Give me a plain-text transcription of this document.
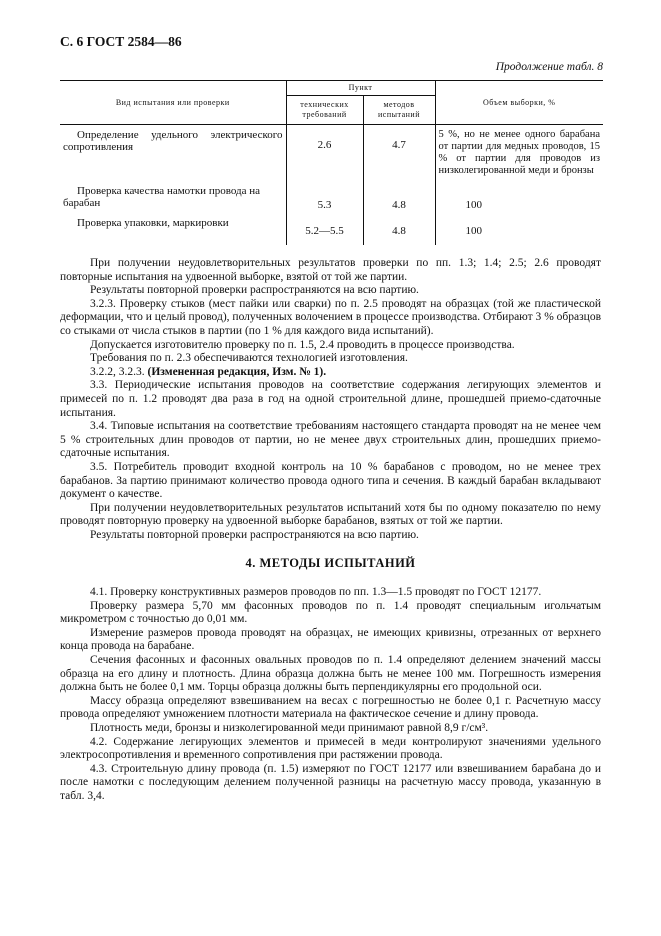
С. 6 ГОСТ 2584—86
Продолжение табл. 8
Вид испытания или проверки	Пункт		Объем выборки, %
	технических требований	методов испытаний	
Определение удельного электрического сопротивления	2.6	4.7	5 %, но не менее одного барабана от партии для медных проводов, 15 % от партии для проводов из низколегированной меди и бронзы
Проверка качества намотки провода на барабан	5.3	4.8	100
Проверка упаковки, маркировки	5.2—5.5	4.8	100

При получении неудовлетворительных результатов проверки по пп. 1.3; 1.4; 2.5; 2.6 проводят повторные испытания на удвоенной выборке, взятой от той же партии.

Результаты повторной проверки распространяются на всю партию.

3.2.3. Проверку стыков (мест пайки или сварки) по п. 2.5 проводят на образцах (той же пластической деформации, что и целый провод), полученных волочением в процессе производства. Отбирают 3 % образцов со стыками от числа стыков в партии (по 1 % для каждого вида испытаний).

Допускается изготовителю проверку по п. 1.5, 2.4 проводить в процессе производства.

Требования по п. 2.3 обеспечиваются технологией изготовления.

3.2.2, 3.2.3. (Измененная редакция, Изм. № 1).

3.3. Периодические испытания проводов на соответствие содержания легирующих элементов и примесей по п. 1.2 проводят два раза в год на одной строительной длине, прошедшей приемо-сдаточные испытания.

3.4. Типовые испытания на соответствие требованиям настоящего стандарта проводят на не менее чем 5 % строительных длин проводов от партии, но не менее двух строительных длин, прошедших приемо-сдаточные испытания.

3.5. Потребитель проводит входной контроль на 10 % барабанов с проводом, но не менее трех барабанов. За партию принимают количество провода одного типа и сечения. В каждый барабан вкладывают документ о качестве.

При получении неудовлетворительных результатов испытаний хотя бы по одному показателю по нему проводят повторную проверку на удвоенной выборке барабанов, взятых от той же партии.

Результаты повторной проверки распространяются на всю партию.

4. МЕТОДЫ ИСПЫТАНИЙ

4.1. Проверку конструктивных размеров проводов по пп. 1.3—1.5 проводят по ГОСТ 12177.

Проверку размера 5,70 мм фасонных проводов по п. 1.4 проводят специальным игольчатым микрометром с точностью до 0,01 мм.

Измерение размеров провода проводят на образцах, не имеющих кривизны, отрезанных от верхнего конца провода на барабане.

Сечения фасонных и фасонных овальных проводов по п. 1.4 определяют делением значений массы образца на его длину и плотность. Длина образца должна быть не менее 100 мм. Погрешность измерения должна быть не более 0,1 мм. Торцы образца должны быть перпендикулярны его продольной оси.

Массу образца определяют взвешиванием на весах с погрешностью не более 0,1 г. Расчетную массу провода определяют умножением плотности материала на фактическое сечение и длину провода.

Плотность меди, бронзы и низколегированной меди принимают равной 8,9 г/см³.

4.2. Содержание легирующих элементов и примесей в меди контролируют значениями удельного электросопротивления и временного сопротивления при растяжении провода.

4.3. Строительную длину провода (п. 1.5) измеряют по ГОСТ 12177 или взвешиванием барабана до и после намотки с последующим делением полученной разницы на расчетную массу провода, указанную в табл. 3,4.
